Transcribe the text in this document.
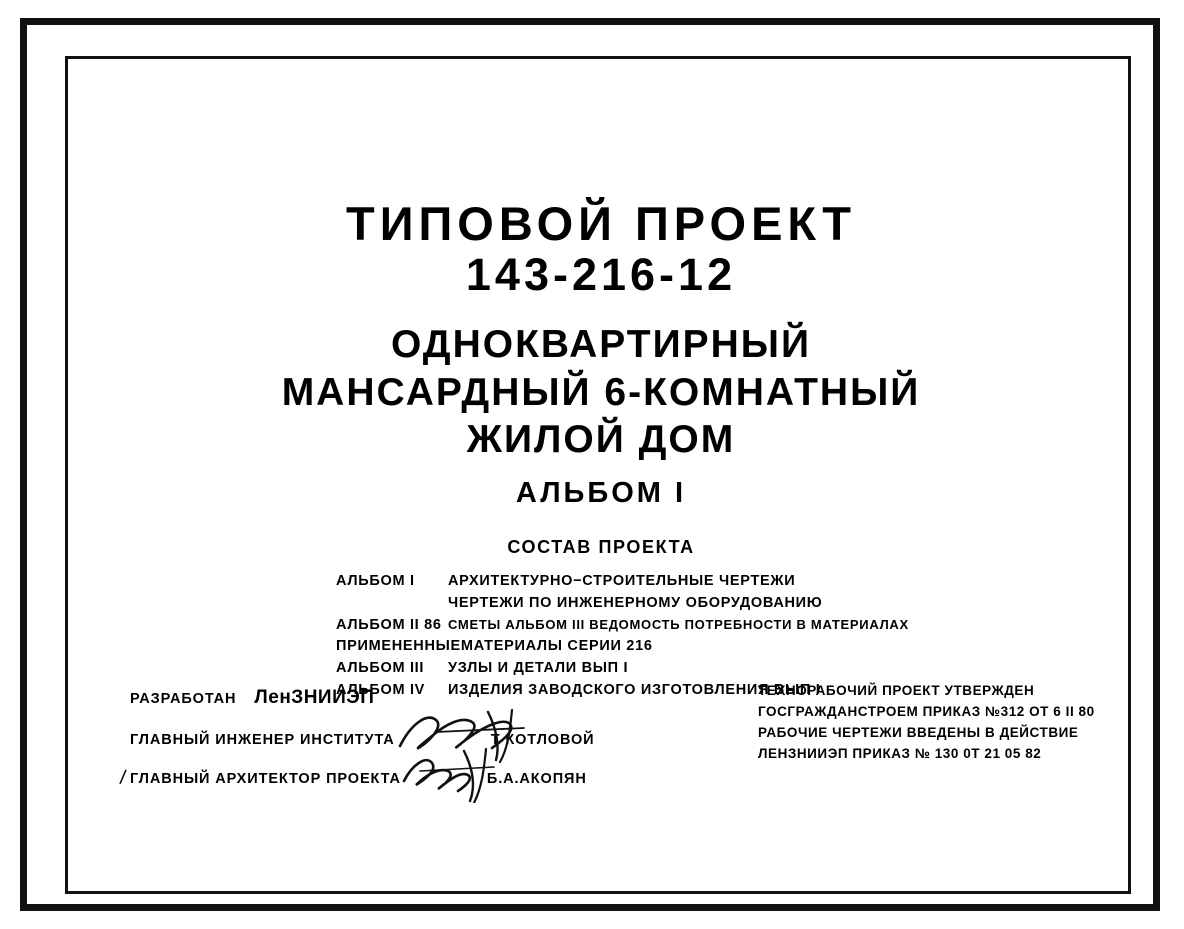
ТИПОВОЙ ПРОЕКТ
143-216-12
ОДНОКВАРТИРНЫЙ
МАНСАРДНЫЙ 6-КОМНАТНЫЙ
ЖИЛОЙ ДОМ
АЛЬБОМ I
СОСТАВ ПРОЕКТА
АЛЬБОМ I АРХИТЕКТУРНО−СТРОИТЕЛЬНЫЕ ЧЕРТЕЖИ
ЧЕРТЕЖИ ПО ИНЖЕНЕРНОМУ ОБОРУДОВАНИЮ
АЛЬБОМ II 86 СМЕТЫ АЛЬБОМ III ВЕДОМОСТЬ ПОТРЕБНОСТИ В МАТЕРИАЛАХ
ПРИМЕНЕННЫЕМАТЕРИАЛЫ СЕРИИ 216
АЛЬБОМ III УЗЛЫ И ДЕТАЛИ ВЫП I
АЛЬБОМ IV ИЗДЕЛИЯ ЗАВОДСКОГО ИЗГОТОВЛЕНИЯ ВЫП I
РАЗРАБОТАН ЛенЗНИИЭП
ГЛАВНЫЙ ИНЖЕНЕР ИНСТИТУТА	Т КОТЛОВОЙ
/ ГЛАВНЫЙ АРХИТЕКТОР ПРОЕКТА	Б.А.АКОПЯН
ТЕХНОРАБОЧИЙ ПРОЕКТ УТВЕРЖДЕН
ГОСГРАЖДАНСТРОЕМ ПРИКАЗ №312 ОТ 6 II 80
РАБОЧИЕ ЧЕРТЕЖИ ВВЕДЕНЫ В ДЕЙСТВИЕ
ЛЕНЗНИИЭП ПРИКАЗ № 130 0Т 21 05 82
